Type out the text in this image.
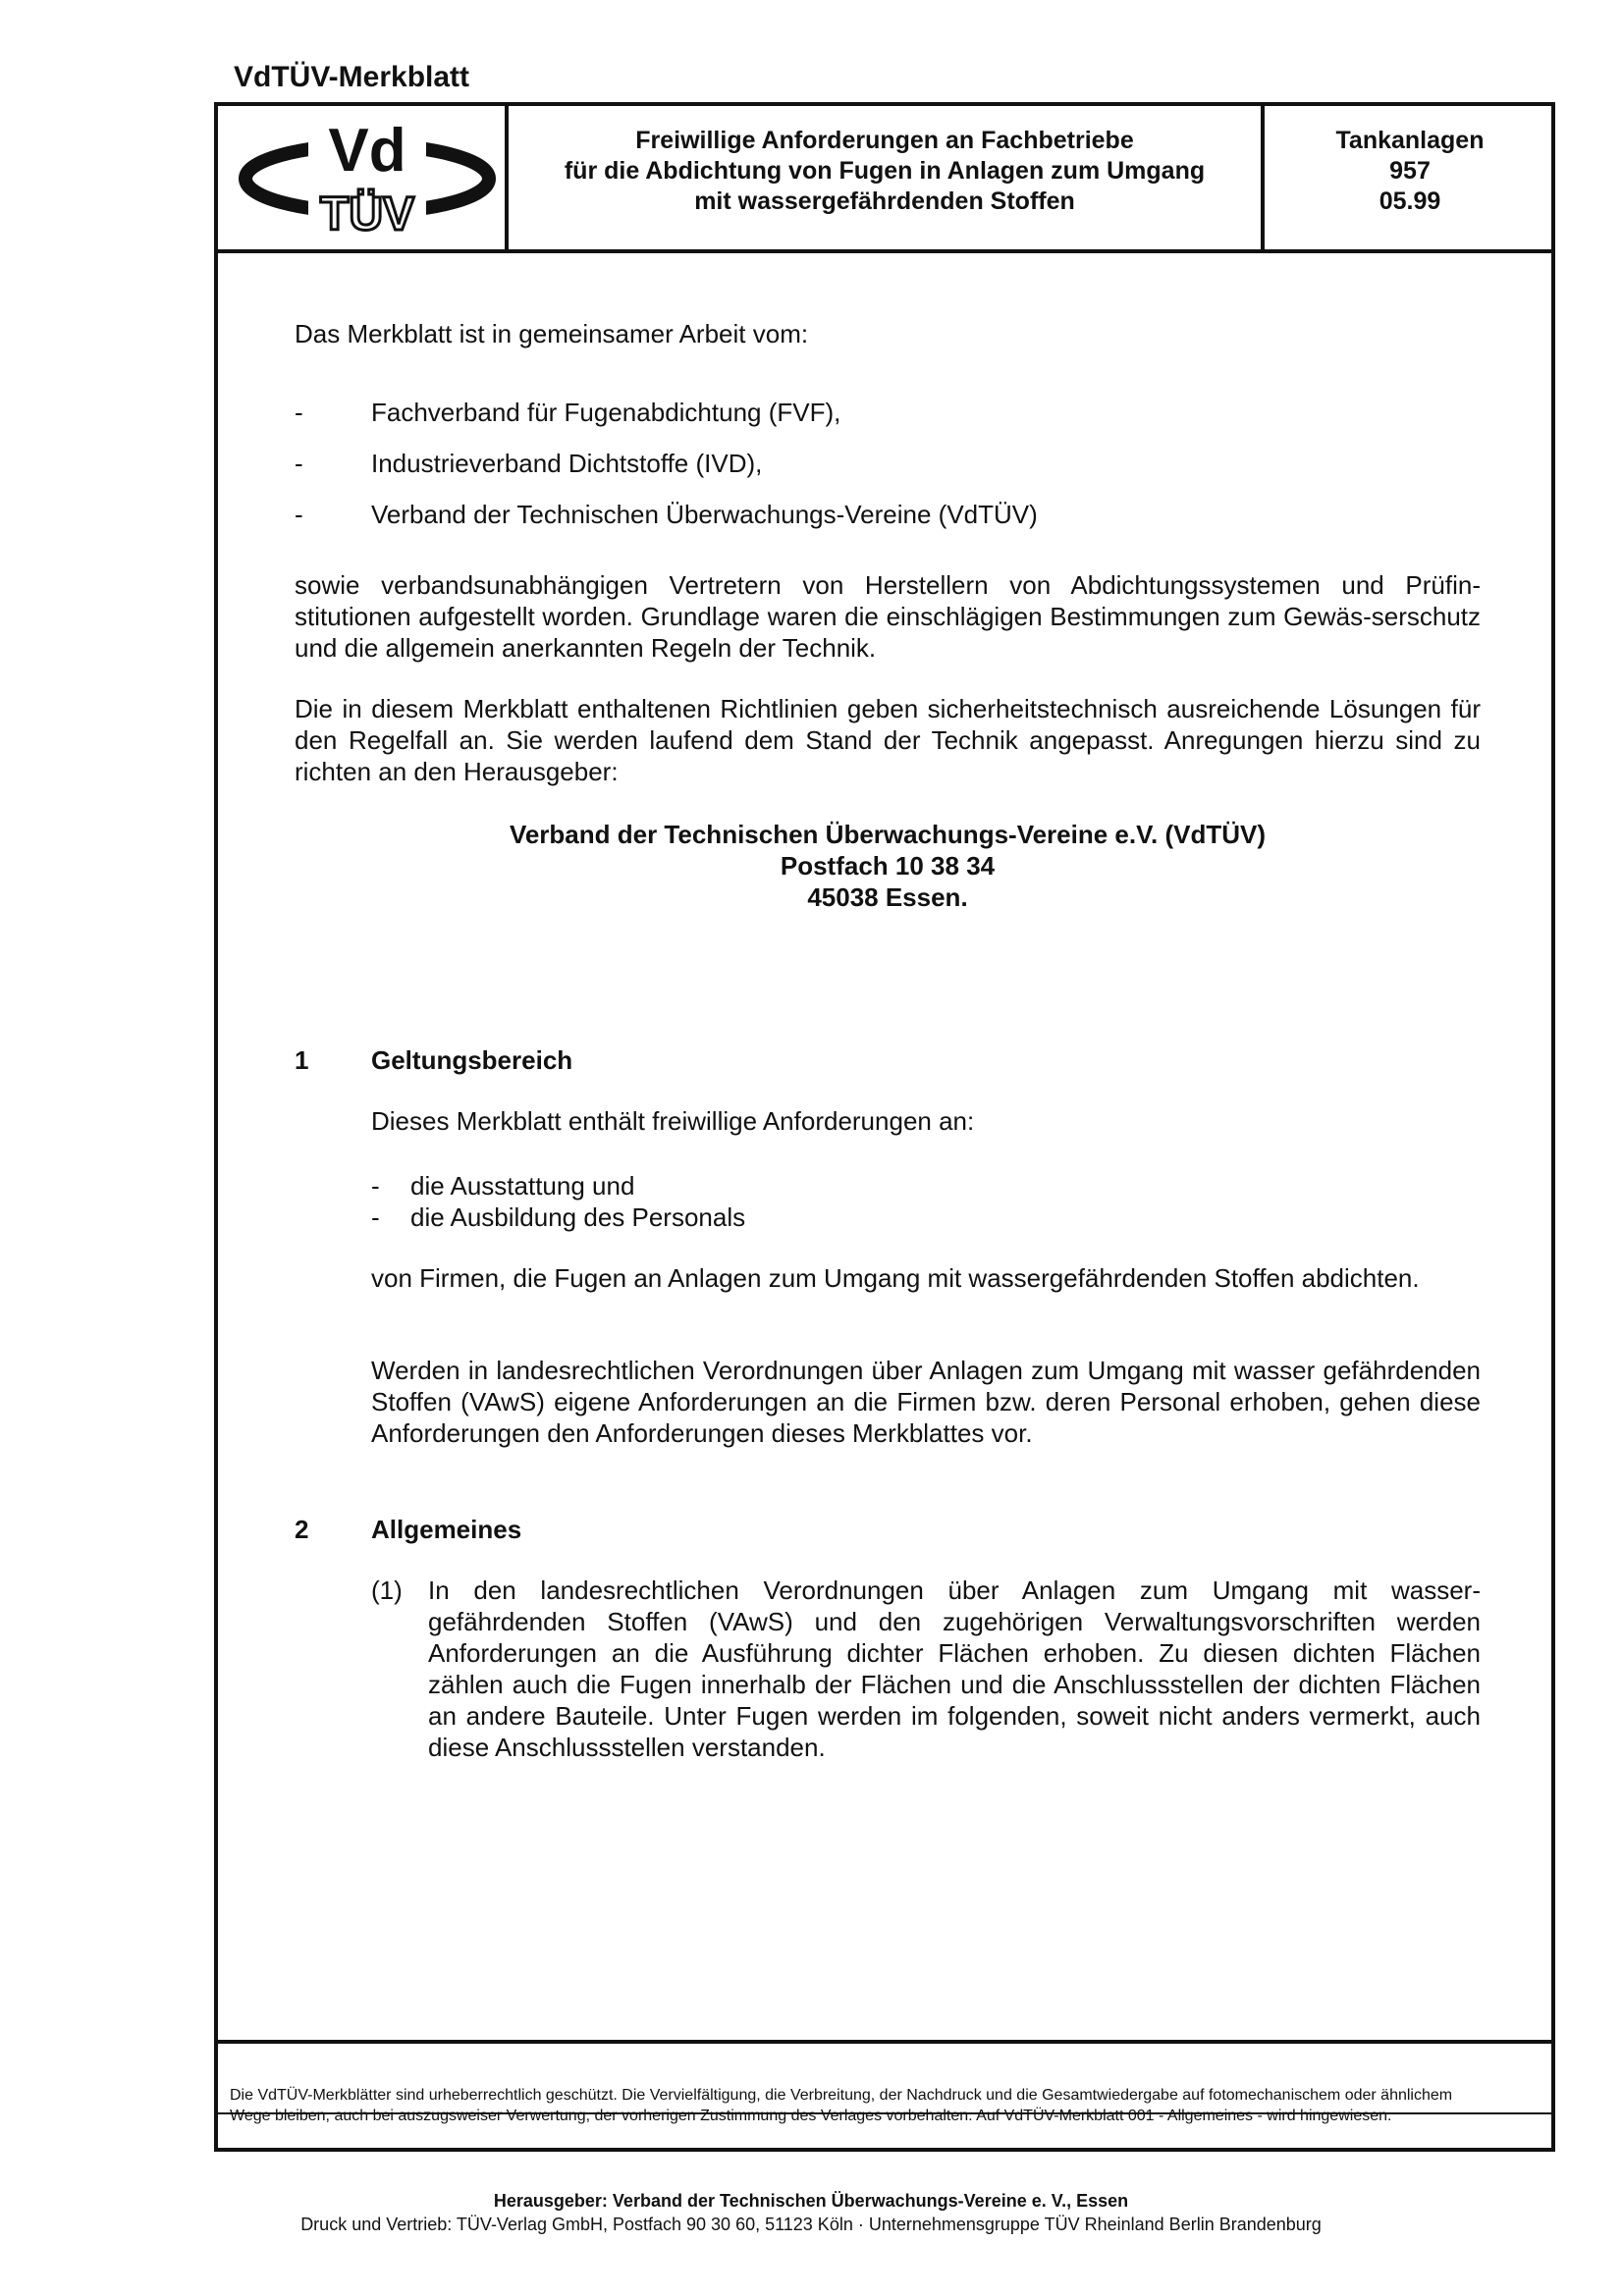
VdTÜV-Merkblatt
Vd
TÜV
Freiwillige Anforderungen an Fachbetriebe
für die Abdichtung von Fugen in Anlagen zum Umgang
mit wassergefährdenden Stoffen
Tankanlagen
957
05.99
Das Merkblatt ist in gemeinsamer Arbeit vom:
-	Fachverband für Fugenabdichtung (FVF),
-	Industrieverband Dichtstoffe (IVD),
-	Verband der Technischen Überwachungs-Vereine (VdTÜV)
sowie verbandsunabhängigen Vertretern von Herstellern von Abdichtungssystemen und Prüfin-stitutionen aufgestellt worden. Grundlage waren die einschlägigen Bestimmungen zum Gewäs-serschutz und die allgemein anerkannten Regeln der Technik.
Die in diesem Merkblatt enthaltenen Richtlinien geben sicherheitstechnisch ausreichende Lösungen für den Regelfall an. Sie werden laufend dem Stand der Technik angepasst. Anregungen hierzu sind zu richten an den Herausgeber:
Verband der Technischen Überwachungs-Vereine e.V. (VdTÜV)
Postfach 10 38 34
45038 Essen.
1 Geltungsbereich
Dieses Merkblatt enthält freiwillige Anforderungen an:
- die Ausstattung und
- die Ausbildung des Personals
von Firmen, die Fugen an Anlagen zum Umgang mit wassergefährdenden Stoffen abdichten.
Werden in landesrechtlichen Verordnungen über Anlagen zum Umgang mit wasser gefährdenden Stoffen (VAwS) eigene Anforderungen an die Firmen bzw. deren Personal erhoben, gehen diese Anforderungen den Anforderungen dieses Merkblattes vor.
2 Allgemeines
(1) In den landesrechtlichen Verordnungen über Anlagen zum Umgang mit wasser-gefährdenden Stoffen (VAwS) und den zugehörigen Verwaltungsvorschriften werden Anforderungen an die Ausführung dichter Flächen erhoben. Zu diesen dichten Flächen zählen auch die Fugen innerhalb der Flächen und die Anschlussstellen der dichten Flächen an andere Bauteile. Unter Fugen werden im folgenden, soweit nicht anders vermerkt, auch diese Anschlussstellen verstanden.
Die VdTÜV-Merkblätter sind urheberrechtlich geschützt. Die Vervielfältigung, die Verbreitung, der Nachdruck und die Gesamtwiedergabe auf fotomechanischem oder ähnlichem
Wege bleiben, auch bei auszugsweiser Verwertung, der vorherigen Zustimmung des Verlages vorbehalten. Auf VdTÜV-Merkblatt 001 - Allgemeines - wird hingewiesen.
Herausgeber: Verband der Technischen Überwachungs-Vereine e. V., Essen
Druck und Vertrieb: TÜV-Verlag GmbH, Postfach 90 30 60, 51123 Köln · Unternehmensgruppe TÜV Rheinland Berlin Brandenburg
